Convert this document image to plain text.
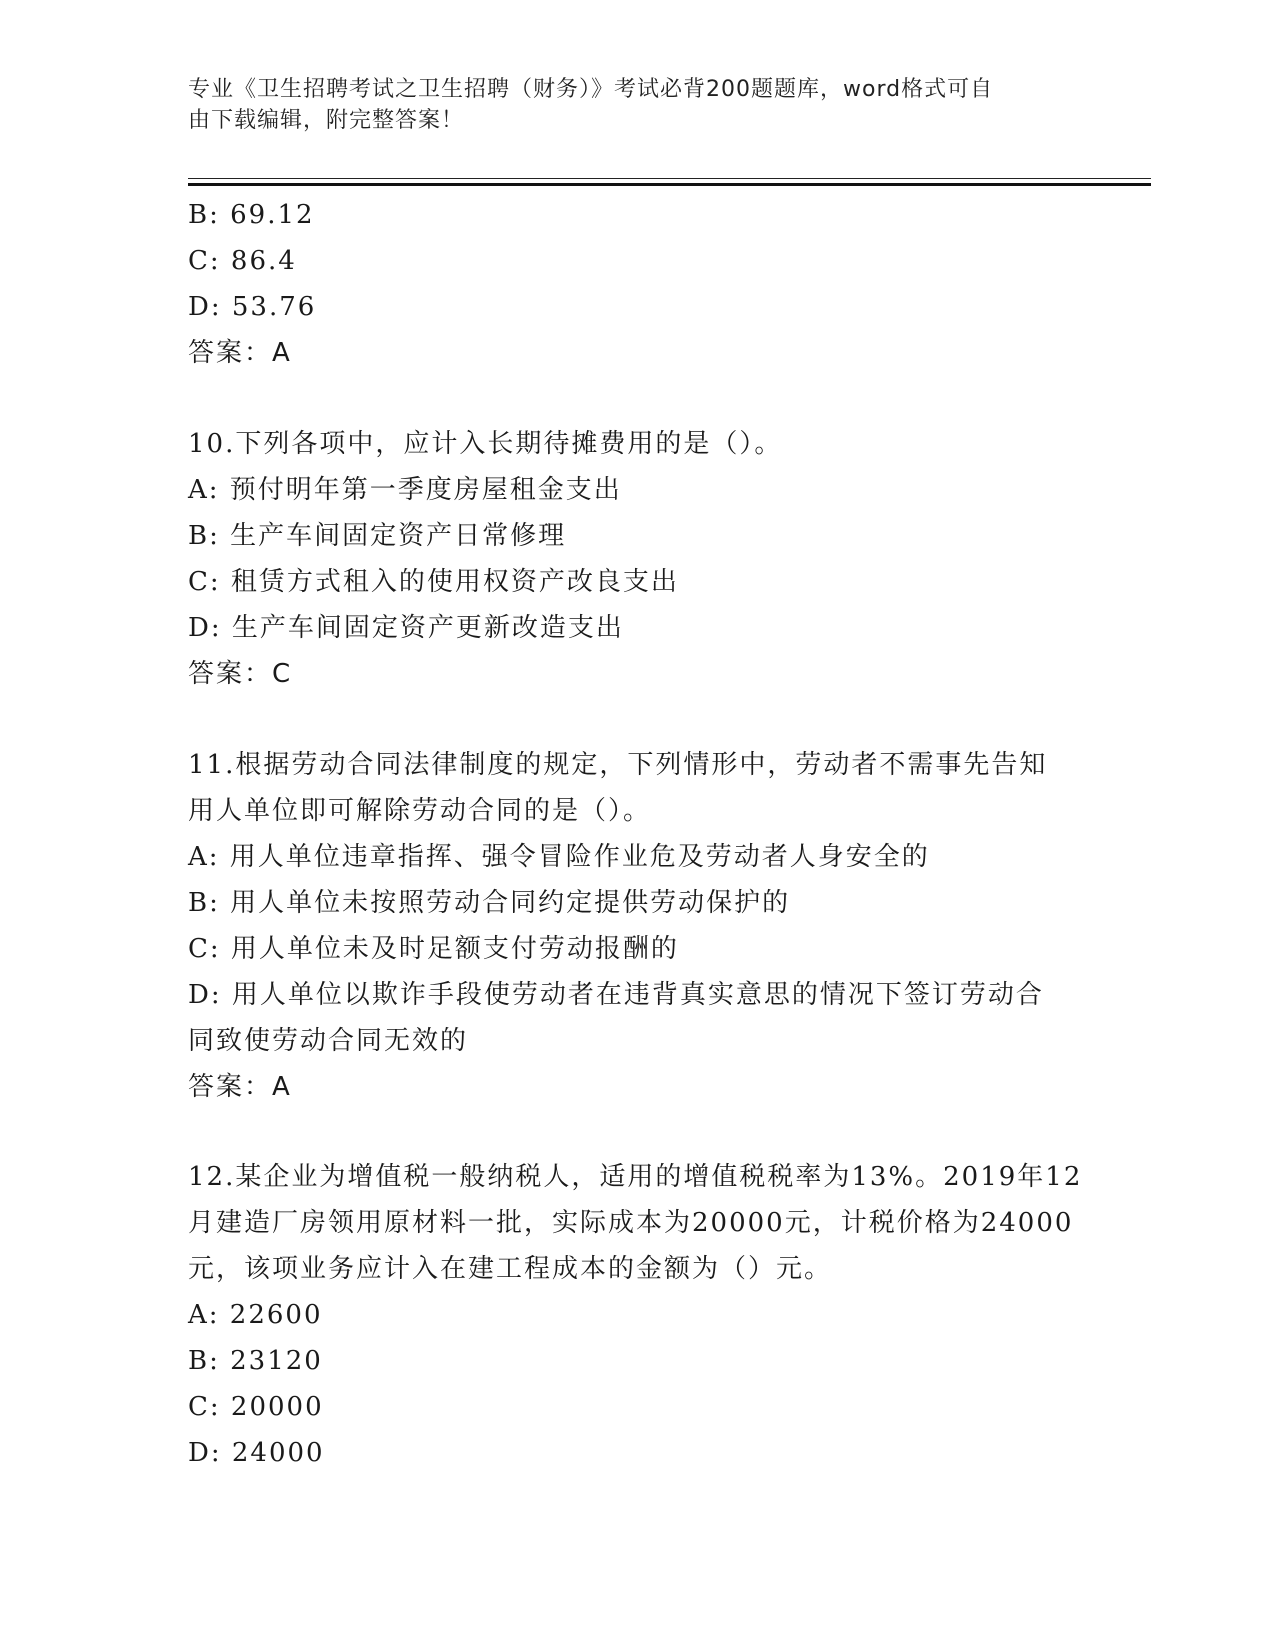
专业《卫生招聘考试之卫生招聘（财务）》考试必背200题题库，word格式可自
由下载编辑，附完整答案！
B: 69.12
C: 86.4
D: 53.76
答案：A
10.下列各项中，应计入长期待摊费用的是（）。
A: 预付明年第一季度房屋租金支出
B: 生产车间固定资产日常修理
C: 租赁方式租入的使用权资产改良支出
D: 生产车间固定资产更新改造支出
答案：C
11.根据劳动合同法律制度的规定，下列情形中，劳动者不需事先告知
用人单位即可解除劳动合同的是（）。
A: 用人单位违章指挥、强令冒险作业危及劳动者人身安全的
B: 用人单位未按照劳动合同约定提供劳动保护的
C: 用人单位未及时足额支付劳动报酬的
D: 用人单位以欺诈手段使劳动者在违背真实意思的情况下签订劳动合
同致使劳动合同无效的
答案：A
12.某企业为增值税一般纳税人，适用的增值税税率为13%。2019年12
月建造厂房领用原材料一批，实际成本为20000元，计税价格为24000
元，该项业务应计入在建工程成本的金额为（）元。
A: 22600
B: 23120
C: 20000
D: 24000
